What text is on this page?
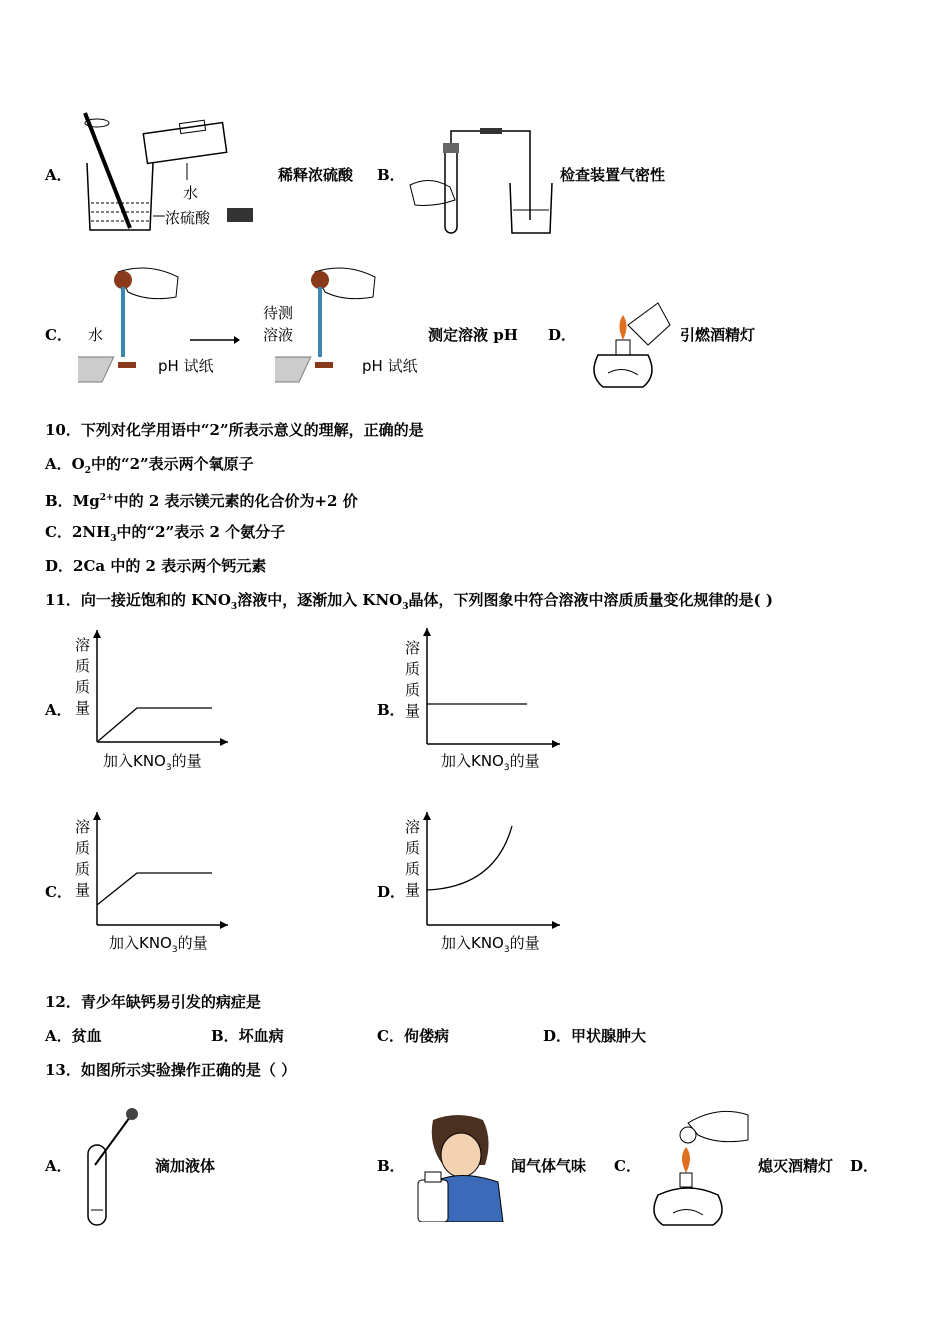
A．
水
浓硫酸
稀释浓硫酸 B．	检查装置气密性
C． 水
pH 试纸
待测
溶液
pH 试纸
测定溶液 pH D．	引燃酒精灯
10．下列对化学用语中“2”所表示意义的理解，正确的是
A．$O_2$中的“2”表示两个氧原子
B．$Mg^{2+}$中的 2 表示镁元素的化合价为+2 价
C．$2NH_3$中的“2”表示 2 个氨分子
D．2Ca 中的 2 表示两个钙元素
11．向一接近饱和的 $KNO_3$溶液中，逐渐加入 $KNO_3$晶体，下列图象中符合溶液中溶质质量变化规律的是( )
A．	B．
C．	D．
溶
质
质
量
溶
质
质
量
溶
质
质
量
溶
质
质
量
加入$KNO_3$的量	加入$KNO_3$的量
加入$KNO_3$的量	加入$KNO_3$的量
12．青少年缺钙易引发的病症是
A．贫血	B．坏血病	C．佝偻病	D．甲状腺肿大
13．如图所示实验操作正确的是（ ）
A．	滴加液体	B．	闻气体气味 C．	熄灭酒精灯 D．
